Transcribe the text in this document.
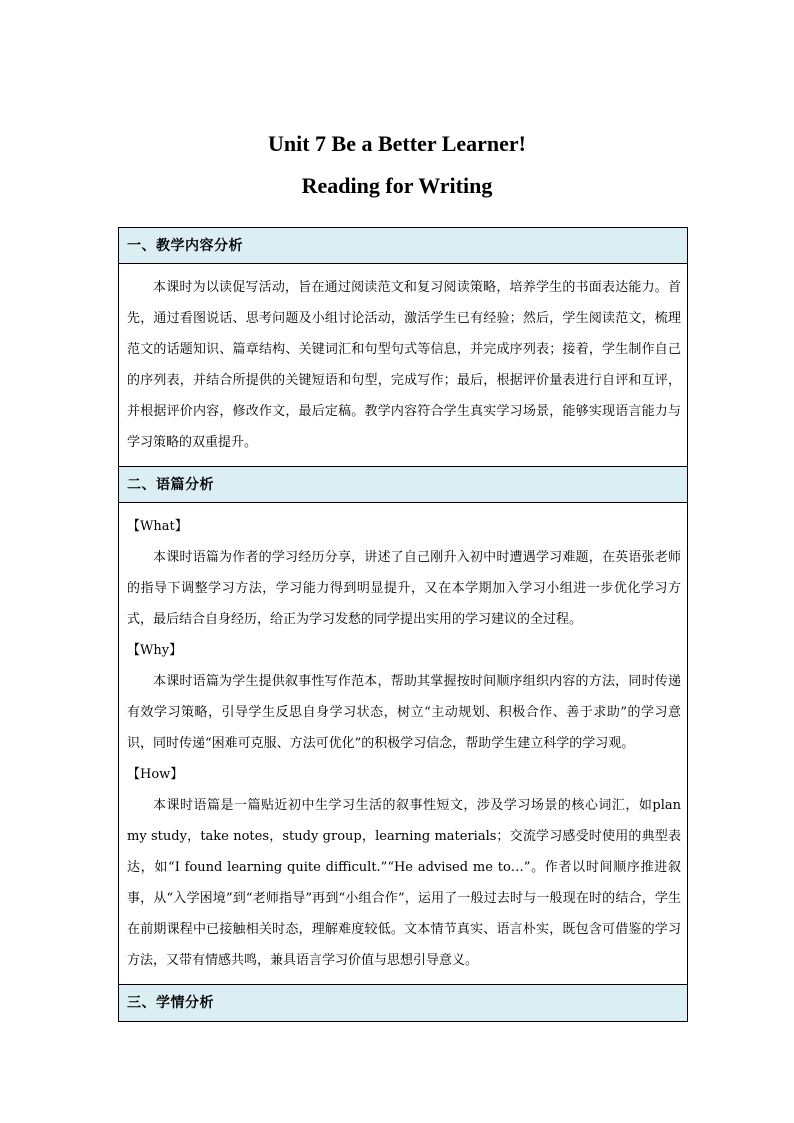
Unit 7 Be a Better Learner!
Reading for Writing
一、教学内容分析

本课时为以读促写活动，旨在通过阅读范文和复习阅读策略，培养学生的书面表达能力。首先，通过看图说话、思考问题及小组讨论活动，激活学生已有经验；然后，学生阅读范文，梳理范文的话题知识、篇章结构、关键词汇和句型句式等信息，并完成序列表；接着，学生制作自己的序列表，并结合所提供的关键短语和句型，完成写作；最后，根据评价量表进行自评和互评，并根据评价内容，修改作文，最后定稿。教学内容符合学生真实学习场景，能够实现语言能力与学习策略的双重提升。

二、语篇分析

【What】

本课时语篇为作者的学习经历分享，讲述了自己刚升入初中时遭遇学习难题，在英语张老师的指导下调整学习方法，学习能力得到明显提升，又在本学期加入学习小组进一步优化学习方式，最后结合自身经历，给正为学习发愁的同学提出实用的学习建议的全过程。

【Why】

本课时语篇为学生提供叙事性写作范本，帮助其掌握按时间顺序组织内容的方法，同时传递有效学习策略，引导学生反思自身学习状态，树立“主动规划、积极合作、善于求助”的学习意识，同时传递“困难可克服、方法可优化”的积极学习信念，帮助学生建立科学的学习观。

【How】

本课时语篇是一篇贴近初中生学习生活的叙事性短文，涉及学习场景的核心词汇，如plan my study，take notes，study group，learning materials；交流学习感受时使用的典型表达，如“I found learning quite difficult.”“He advised me to…”。作者以时间顺序推进叙事，从“入学困境”到“老师指导”再到“小组合作”，运用了一般过去时与一般现在时的结合，学生在前期课程中已接触相关时态，理解难度较低。文本情节真实、语言朴实，既包含可借鉴的学习方法，又带有情感共鸣，兼具语言学习价值与思想引导意义。

三、学情分析
